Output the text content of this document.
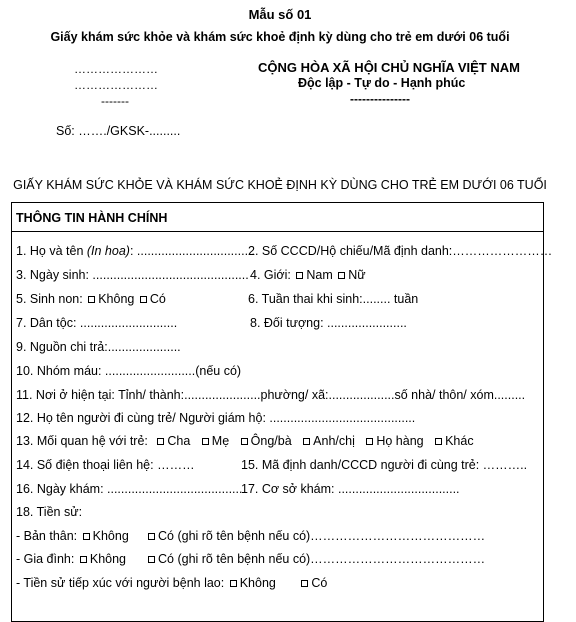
Mẫu số 01
Giấy khám sức khỏe và khám sức khoẻ định kỳ dùng cho trẻ em dưới 06 tuổi
…………………
…………………
-------
CỘNG HÒA XÃ HỘI CHỦ NGHĨA VIỆT NAM
Độc lập - Tự do - Hạnh phúc
---------------
Số: ……./GKSK-.........
GIẤY KHÁM SỨC KHỎE VÀ KHÁM SỨC KHOẺ ĐỊNH KỲ DÙNG CHO TRẺ EM DƯỚI 06 TUỔI
THÔNG TIN HÀNH CHÍNH
1. Họ và tên (In hoa): ..................................
2. Số CCCD/Hộ chiếu/Mã định danh:……………………
3. Ngày sinh: ............................................. 4. Giới: Nam Nữ
5. Sinh non: Không Có	6. Tuần thai khi sinh:........ tuần
7. Dân tộc: ............................	8. Đối tượng: .......................
9. Nguồn chi trả:.....................
10. Nhóm máu: ..........................(nếu có)
11. Nơi ở hiện tại: Tỉnh/ thành:......................phường/ xã:...................số nhà/ thôn/ xóm.........
12. Họ tên người đi cùng trẻ/ Người giám hộ: ..........................................
13. Mối quan hệ với trẻ: Cha Mẹ Ông/bà Anh/chị Họ hàng Khác
14. Số điện thoại liên hệ: ………	15. Mã định danh/CCCD người đi cùng trẻ: ………..
16. Ngày khám: .......................................
17. Cơ sở khám: ...................................
18. Tiền sử:
- Bản thân: Không	Có (ghi rõ tên bệnh nếu có)……………………………………
- Gia đình: Không	Có (ghi rõ tên bệnh nếu có)……………………………………
- Tiền sử tiếp xúc với người bệnh lao: Không	Có
